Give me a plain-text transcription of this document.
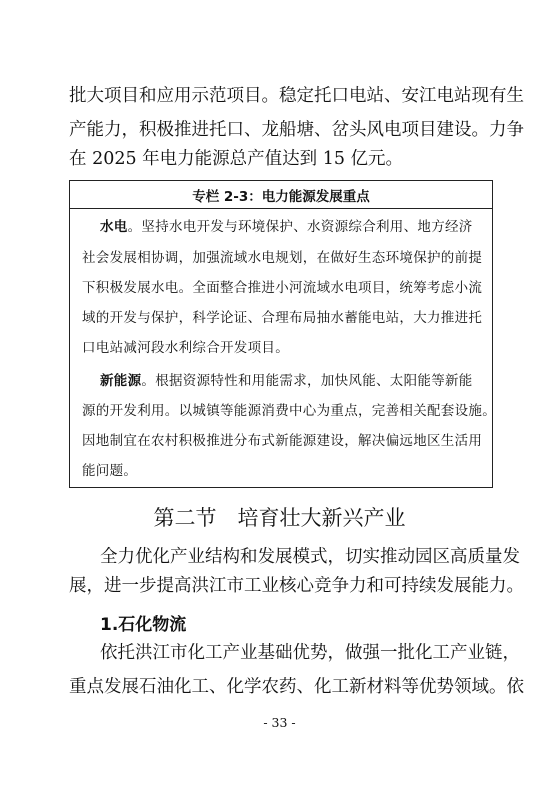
批大项目和应用示范项目。稳定托口电站、安江电站现有生
产能力，积极推进托口、龙船塘、岔头风电项目建设。力争
在 2025 年电力能源总产值达到 15 亿元。
专栏 2-3：电力能源发展重点
水电。坚持水电开发与环境保护、水资源综合利用、地方经济
社会发展相协调，加强流域水电规划，在做好生态环境保护的前提
下积极发展水电。全面整合推进小河流域水电项目，统筹考虑小流
域的开发与保护，科学论证、合理布局抽水蓄能电站，大力推进托
口电站减河段水利综合开发项目。
新能源。根据资源特性和用能需求，加快风能、太阳能等新能
源的开发利用。以城镇等能源消费中心为重点，完善相关配套设施。
因地制宜在农村积极推进分布式新能源建设，解决偏远地区生活用
能问题。
第二节　培育壮大新兴产业
全力优化产业结构和发展模式，切实推动园区高质量发
展，进一步提高洪江市工业核心竞争力和可持续发展能力。
1.石化物流
依托洪江市化工产业基础优势，做强一批化工产业链，
重点发展石油化工、化学农药、化工新材料等优势领域。依
- 33 -
